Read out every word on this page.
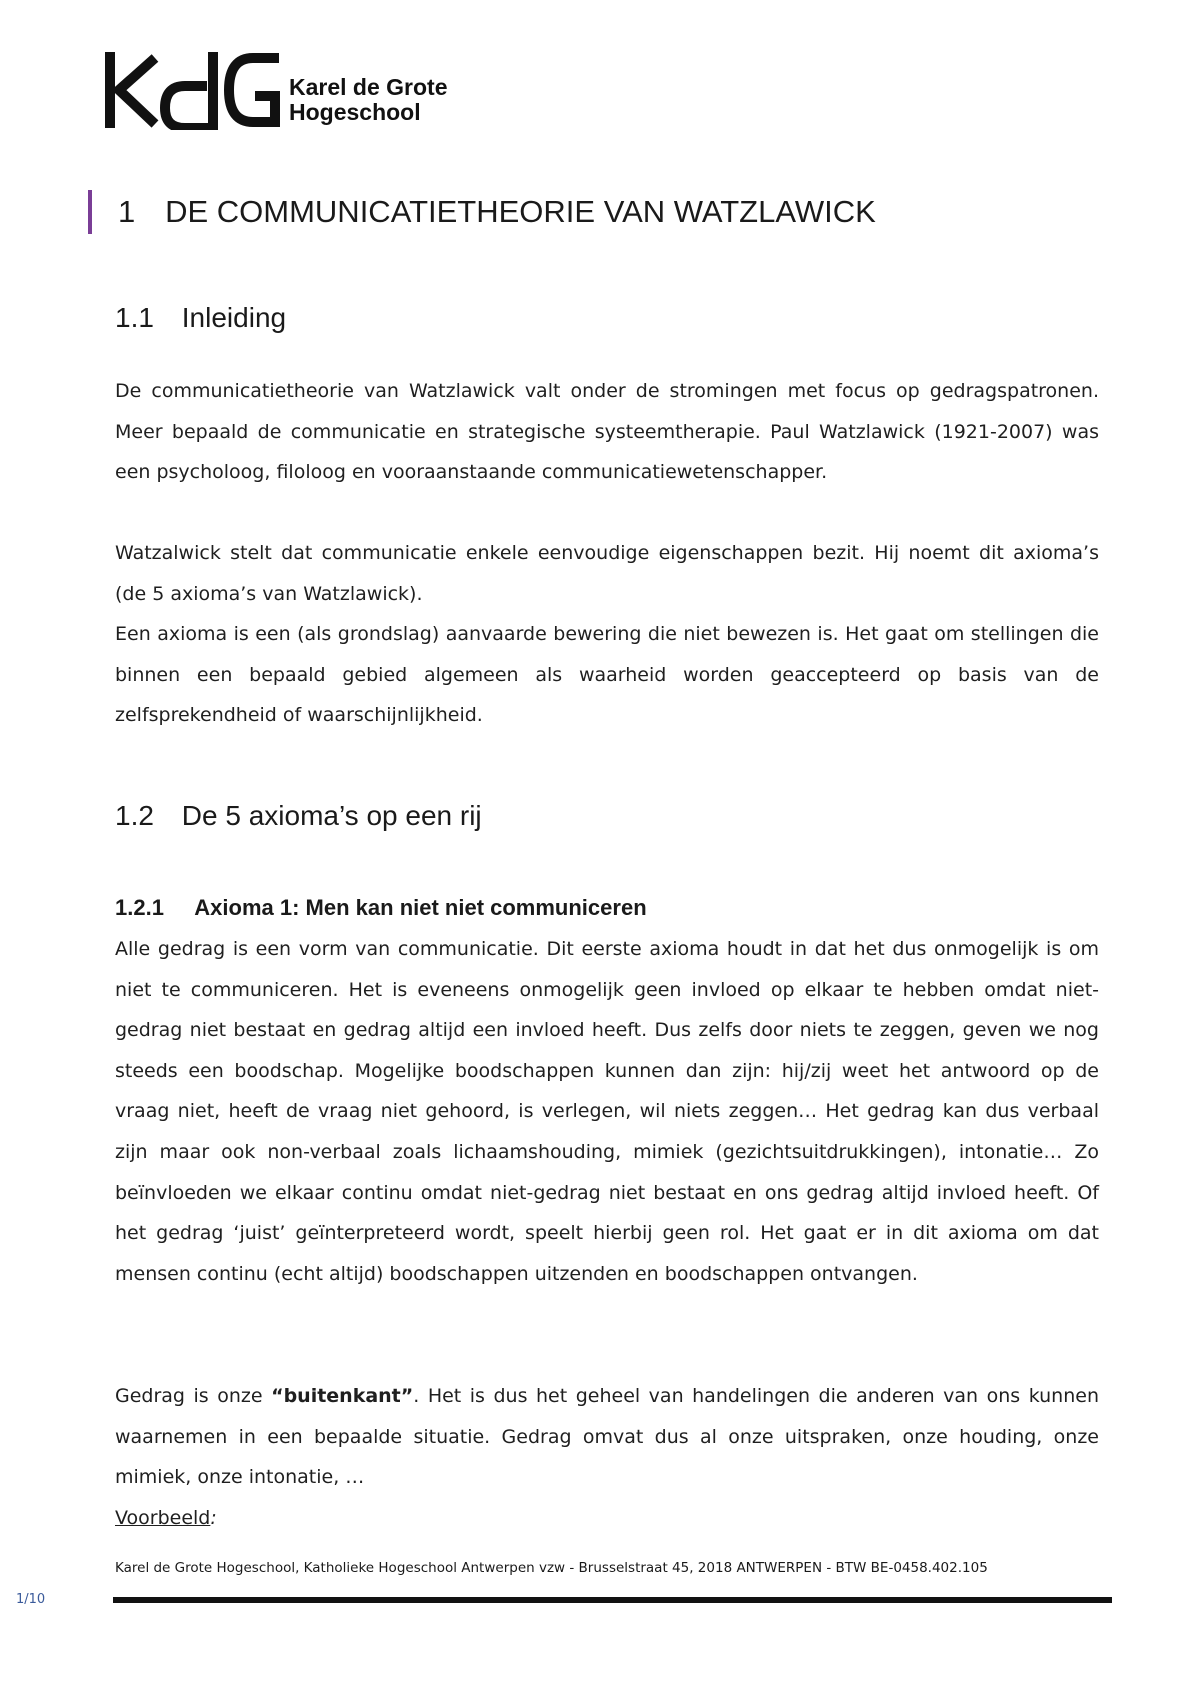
Karel de Grote
Hogeschool
1 DE COMMUNICATIETHEORIE VAN WATZLAWICK
1.1 Inleiding

De communicatietheorie van Watzlawick valt onder de stromingen met focus op gedragspatronen. Meer bepaald de communicatie en strategische systeemtherapie. Paul Watzlawick (1921-2007) was een psycholoog, filoloog en vooraanstaande communicatiewetenschapper.

Watzalwick stelt dat communicatie enkele eenvoudige eigenschappen bezit. Hij noemt dit axioma’s (de 5 axioma’s van Watzlawick).

Een axioma is een (als grondslag) aanvaarde bewering die niet bewezen is. Het gaat om stellingen die binnen een bepaald gebied algemeen als waarheid worden geaccepteerd op basis van de zelfsprekendheid of waarschijnlijkheid.

1.2 De 5 axioma’s op een rij
1.2.1 Axioma 1: Men kan niet niet communiceren

Alle gedrag is een vorm van communicatie. Dit eerste axioma houdt in dat het dus onmogelijk is om niet te communiceren. Het is eveneens onmogelijk geen invloed op elkaar te hebben omdat niet-gedrag niet bestaat en gedrag altijd een invloed heeft. Dus zelfs door niets te zeggen, geven we nog steeds een boodschap. Mogelijke boodschappen kunnen dan zijn: hij/zij weet het antwoord op de vraag niet, heeft de vraag niet gehoord, is verlegen, wil niets zeggen… Het gedrag kan dus verbaal zijn maar ook non-verbaal zoals lichaamshouding, mimiek (gezichtsuitdrukkingen), intonatie… Zo beïnvloeden we elkaar continu omdat niet-gedrag niet bestaat en ons gedrag altijd invloed heeft. Of het gedrag ‘juist’ geïnterpreteerd wordt, speelt hierbij geen rol. Het gaat er in dit axioma om dat mensen continu (echt altijd) boodschappen uitzenden en boodschappen ontvangen.

Gedrag is onze “buitenkant”. Het is dus het geheel van handelingen die anderen van ons kunnen waarnemen in een bepaalde situatie. Gedrag omvat dus al onze uitspraken, onze houding, onze mimiek, onze intonatie, …

Voorbeeld:

Karel de Grote Hogeschool, Katholieke Hogeschool Antwerpen vzw - Brusselstraat 45, 2018 ANTWERPEN - BTW BE-0458.402.105
1/10
